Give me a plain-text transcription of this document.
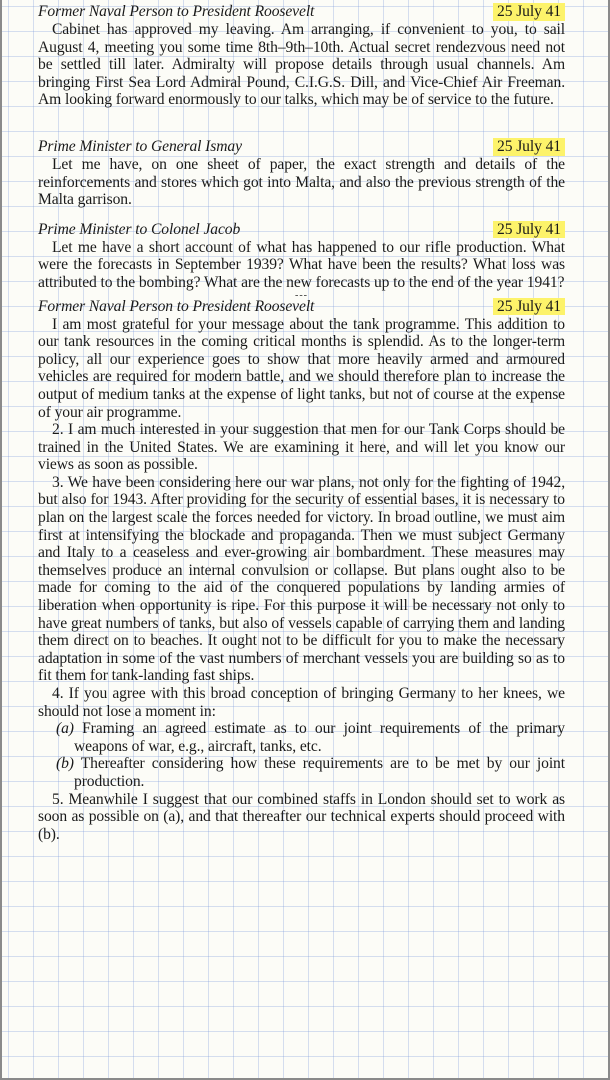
Former Naval Person to President Roosevelt	25 July 41

Cabinet has approved my leaving. Am arranging, if convenient to you, to sail August 4, meeting you some time 8th–9th–10th. Actual secret rendezvous need not be settled till later. Admiralty will propose details through usual channels. Am bringing First Sea Lord Admiral Pound, C.I.G.S. Dill, and Vice-Chief Air Freeman. Am looking forward enormously to our talks, which may be of service to the future.

Prime Minister to General Ismay	25 July 41

Let me have, on one sheet of paper, the exact strength and details of the reinforcements and stores which got into Malta, and also the previous strength of the Malta garrison.

Prime Minister to Colonel Jacob	25 July 41

Let me have a short account of what has happened to our rifle production. What were the forecasts in September 1939? What have been the results? What loss was attributed to the bombing? What are the new forecasts up to the end of the year 1941?

---
Former Naval Person to President Roosevelt	25 July 41

I am most grateful for your message about the tank programme. This addition to our tank resources in the coming critical months is splendid. As to the longer-term policy, all our experience goes to show that more heavily armed and armoured vehicles are required for modern battle, and we should therefore plan to increase the output of medium tanks at the expense of light tanks, but not of course at the expense of your air programme.

2. I am much interested in your suggestion that men for our Tank Corps should be trained in the United States. We are examining it here, and will let you know our views as soon as possible.

3. We have been considering here our war plans, not only for the fighting of 1942, but also for 1943. After providing for the security of essential bases, it is necessary to plan on the largest scale the forces needed for victory. In broad outline, we must aim first at intensifying the blockade and propaganda. Then we must subject Germany and Italy to a ceaseless and ever-growing air bombardment. These measures may themselves produce an internal convulsion or collapse. But plans ought also to be made for coming to the aid of the conquered populations by landing armies of liberation when opportunity is ripe. For this purpose it will be necessary not only to have great numbers of tanks, but also of vessels capable of carrying them and landing them direct on to beaches. It ought not to be difficult for you to make the necessary adaptation in some of the vast numbers of merchant vessels you are building so as to fit them for tank-landing fast ships.

4. If you agree with this broad conception of bringing Germany to her knees, we should not lose a moment in:

(a) Framing an agreed estimate as to our joint requirements of the primary weapons of war, e.g., aircraft, tanks, etc.

(b) Thereafter considering how these requirements are to be met by our joint production.

5. Meanwhile I suggest that our combined staffs in London should set to work as soon as possible on (a), and that thereafter our technical experts should proceed with (b).
